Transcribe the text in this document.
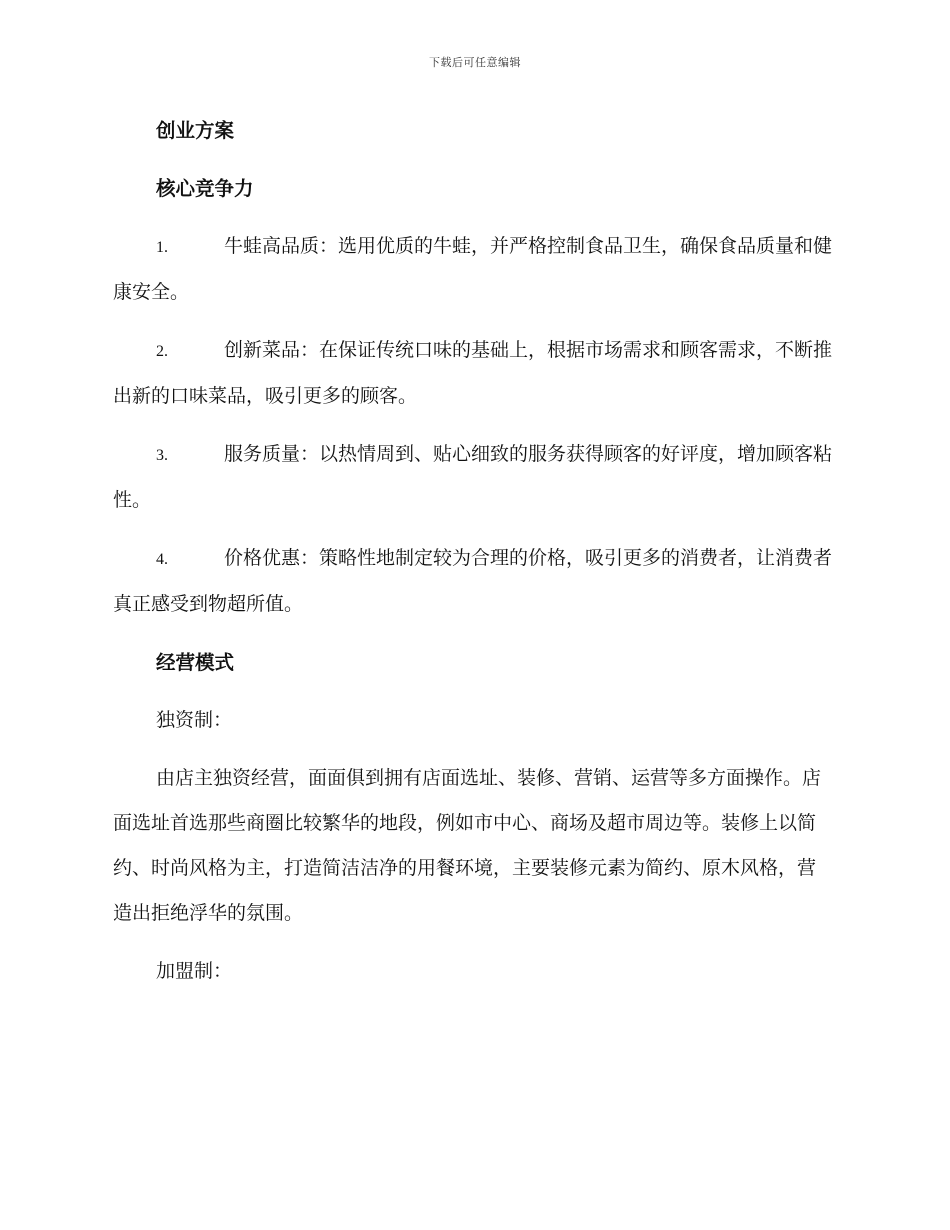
下载后可任意编辑
创业方案
核心竞争力
1.	牛蛙高品质：选用优质的牛蛙，并严格控制食品卫生，确保食品质量和健康安全。
2.	创新菜品：在保证传统口味的基础上，根据市场需求和顾客需求，不断推出新的口味菜品，吸引更多的顾客。
3.	服务质量：以热情周到、贴心细致的服务获得顾客的好评度，增加顾客粘性。
4.	价格优惠：策略性地制定较为合理的价格，吸引更多的消费者，让消费者真正感受到物超所值。
经营模式
独资制：
由店主独资经营，面面俱到拥有店面选址、装修、营销、运营等多方面操作。店面选址首选那些商圈比较繁华的地段，例如市中心、商场及超市周边等。装修上以简约、时尚风格为主，打造简洁洁净的用餐环境，主要装修元素为简约、原木风格，营造出拒绝浮华的氛围。
加盟制：
